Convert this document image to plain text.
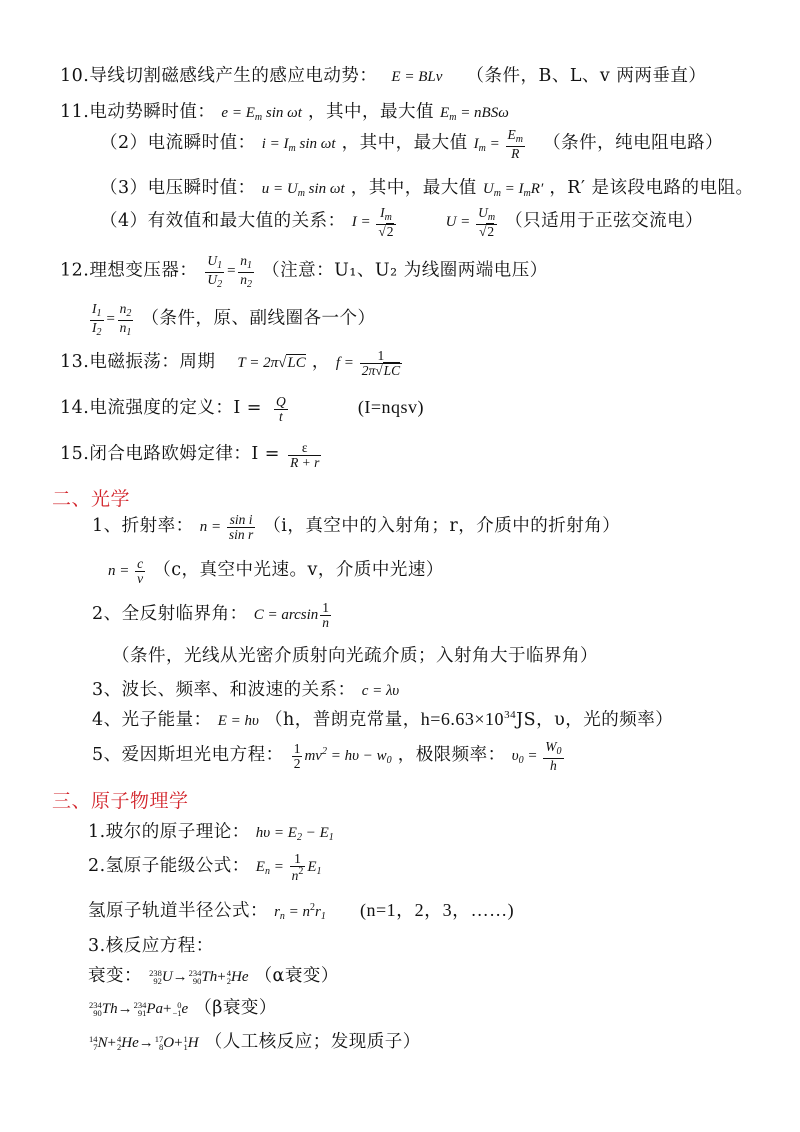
10.导线切割磁感线产生的感应电动势： E = BLv （条件，B、L、v 两两垂直）
11.电动势瞬时值： $e = E_m$ sin ωt ，其中，最大值 $E_m = nBS\omega$
（2）电流瞬时值： $i = I_m$ sin ωt ，其中，最大值 $I_m = \frac{E_m}{R}$ （条件，纯电阻电路）
（3）电压瞬时值： $u = U_m$ sin ωt ，其中，最大值 $U_m = I_mR'$ ，R′ 是该段电路的电阻。
（4）有效值和最大值的关系： $I = \frac{I_m}{√2}$	$U = \frac{U_m}{√2}$ （只适用于正弦交流电）
12.理想变压器： $\frac{U_1}{U_2} = \frac{n_1}{n_2}$ （注意：U₁、U₂ 为线圈两端电压）
$\frac{I_1}{I_2} = \frac{n_2}{n_1}$ （条件，原、副线圈各一个）
13.电磁振荡：周期 T = 2π√LC ， $f = \frac{1}{2\pi√LC}$
14.电流强度的定义：$I = \frac{Q}{t}$	(I=nqsv)
15.闭合电路欧姆定律：$I = \frac{\varepsilon}{R + r}$
二、光学
1、折射率： $n = \frac{\text{sin i}}{\text{sin r}} (i$，真空中的入射角；r，介质中的折射角）
$n = \frac{c}{v} (c$，真空中光速。v，介质中光速）
2、全反射临界角： $C = \arcsin \frac{1}{n}$
（条件，光线从光密介质射向光疏介质；入射角大于临界角）
3、波长、频率、和波速的关系： c = λυ
4、光子能量： E = hυ （h，普朗克常量，$h=6.63\times 10^{34}JS$，υ，光的频率）
5、爱因斯坦光电方程： $\frac{1}{2} mv^2 = h\upsilon - w_0$ ，极限频率： $\upsilon_0 = \frac{W_0}{h}$
三、原子物理学
1.玻尔的原子理论： $h\upsilon = E_2 - E_1$
2.氢原子能级公式： $E_n = \frac{1}{n^2} E_1$
氢原子轨道半径公式： $r_n = n^2r_1$ (n=1，2，3，……)
3.核反应方程：
衰变： 238
92 U→ 234
90 Th+ 4
2 He （α衰变）
234
90 Th→ 234
91 Pa+ 0
−1 e （β衰变）
14
7 N+ 4
2 He→ 17
8 O+ 1
1 H （人工核反应；发现质子）
